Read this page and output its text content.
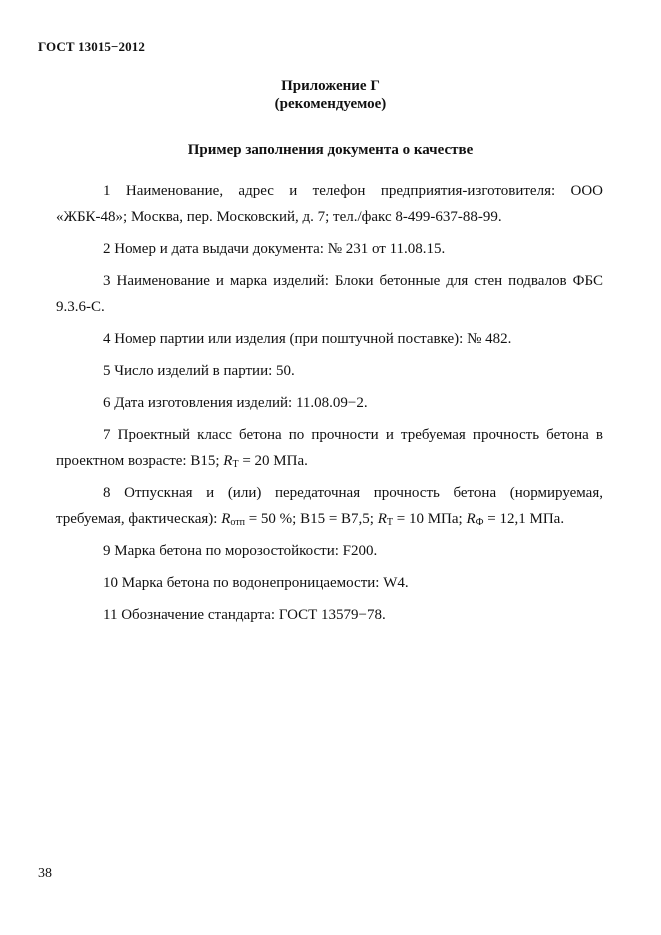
ГОСТ 13015−2012
Приложение Г
(рекомендуемое)
Пример заполнения документа о качестве

1 Наименование, адрес и телефон предприятия-изготовителя: ООО «ЖБК-48»; Москва, пер. Московский, д. 7; тел./факс 8-499-637-88-99.

2 Номер и дата выдачи документа: № 231 от 11.08.15.

3 Наименование и марка изделий: Блоки бетонные для стен подвалов ФБС 9.3.6-С.

4 Номер партии или изделия (при поштучной поставке): № 482.

5 Число изделий в партии: 50.

6 Дата изготовления изделий: 11.08.09−2.

7 Проектный класс бетона по прочности и требуемая прочность бетона в проектном возрасте: В15; $R_Т = 20$ МПа.

8 Отпускная и (или) передаточная прочность бетона (нормируемая, требуемая, фактическая): $R_{отп} = 50$ %; В15 = В7,5; $R_Т = 10$ МПа; $R_Ф = 12,1$ МПа.

9 Марка бетона по морозостойкости: F200.

10 Марка бетона по водонепроницаемости: W4.

11 Обозначение стандарта: ГОСТ 13579−78.

38
